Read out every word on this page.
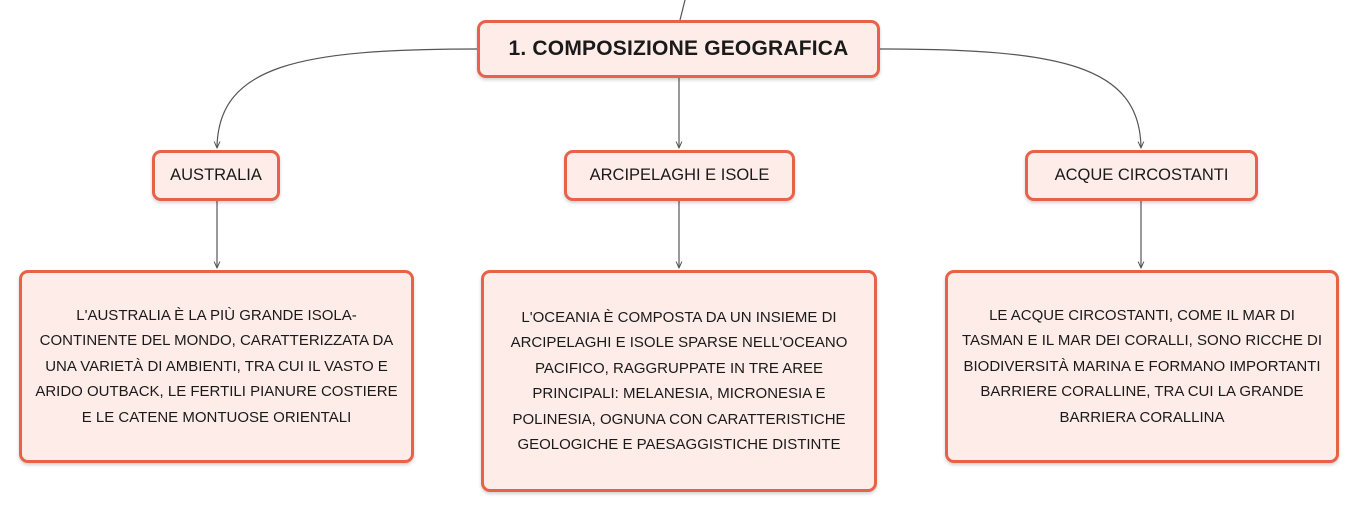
1. COMPOSIZIONE GEOGRAFICA
AUSTRALIA	ARCIPELAGHI E ISOLE	ACQUE CIRCOSTANTI
L'AUSTRALIA È LA PIÙ GRANDE ISOLA-CONTINENTE DEL MONDO, CARATTERIZZATA DA UNA VARIETÀ DI AMBIENTI, TRA CUI IL VASTO E ARIDO OUTBACK, LE FERTILI PIANURE COSTIERE E LE CATENE MONTUOSE ORIENTALI
L'OCEANIA È COMPOSTA DA UN INSIEME DI ARCIPELAGHI E ISOLE SPARSE NELL'OCEANO PACIFICO, RAGGRUPPATE IN TRE AREE PRINCIPALI: MELANESIA, MICRONESIA E POLINESIA, OGNUNA CON CARATTERISTICHE GEOLOGICHE E PAESAGGISTICHE DISTINTE
LE ACQUE CIRCOSTANTI, COME IL MAR DI TASMAN E IL MAR DEI CORALLI, SONO RICCHE DI BIODIVERSITÀ MARINA E FORMANO IMPORTANTI BARRIERE CORALLINE, TRA CUI LA GRANDE BARRIERA CORALLINA
